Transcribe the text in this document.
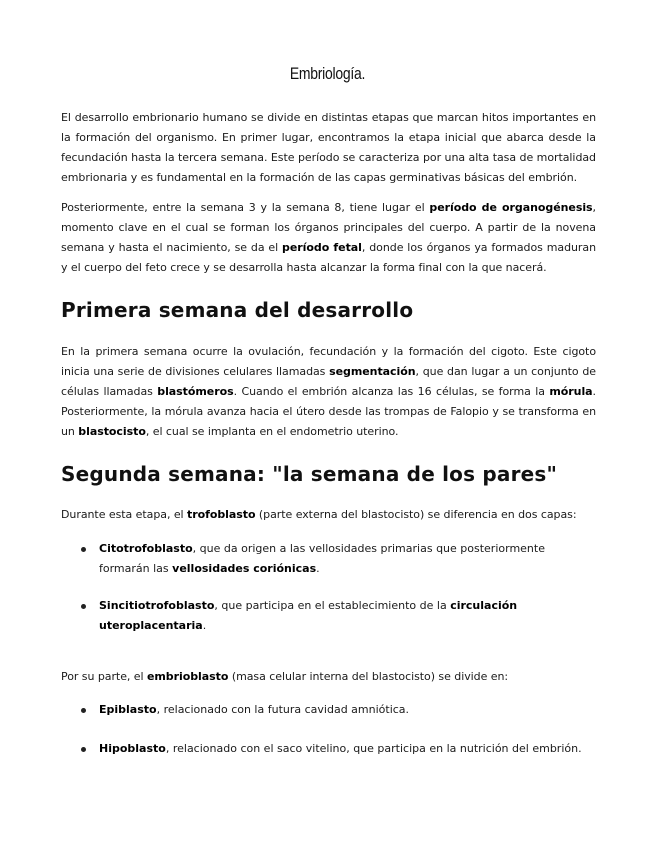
Embriología.

El desarrollo embrionario humano se divide en distintas etapas que marcan hitos importantes en la formación del organismo. En primer lugar, encontramos la etapa inicial que abarca desde la fecundación hasta la tercera semana. Este período se caracteriza por una alta tasa de mortalidad embrionaria y es fundamental en la formación de las capas germinativas básicas del embrión.

Posteriormente, entre la semana 3 y la semana 8, tiene lugar el período de organogénesis, momento clave en el cual se forman los órganos principales del cuerpo. A partir de la novena semana y hasta el nacimiento, se da el período fetal, donde los órganos ya formados maduran y el cuerpo del feto crece y se desarrolla hasta alcanzar la forma final con la que nacerá.

Primera semana del desarrollo

En la primera semana ocurre la ovulación, fecundación y la formación del cigoto. Este cigoto inicia una serie de divisiones celulares llamadas segmentación, que dan lugar a un conjunto de células llamadas blastómeros. Cuando el embrión alcanza las 16 células, se forma la mórula. Posteriormente, la mórula avanza hacia el útero desde las trompas de Falopio y se transforma en un blastocisto, el cual se implanta en el endometrio uterino.

Segunda semana: "la semana de los pares"

Durante esta etapa, el trofoblasto (parte externa del blastocisto) se diferencia en dos capas:

Citotrofoblasto, que da origen a las vellosidades primarias que posteriormente formarán las vellosidades coriónicas.
Sincitiotrofoblasto, que participa en el establecimiento de la circulación uteroplacentaria.

Por su parte, el embrioblasto (masa celular interna del blastocisto) se divide en:

Epiblasto, relacionado con la futura cavidad amniótica.
Hipoblasto, relacionado con el saco vitelino, que participa en la nutrición del embrión.
